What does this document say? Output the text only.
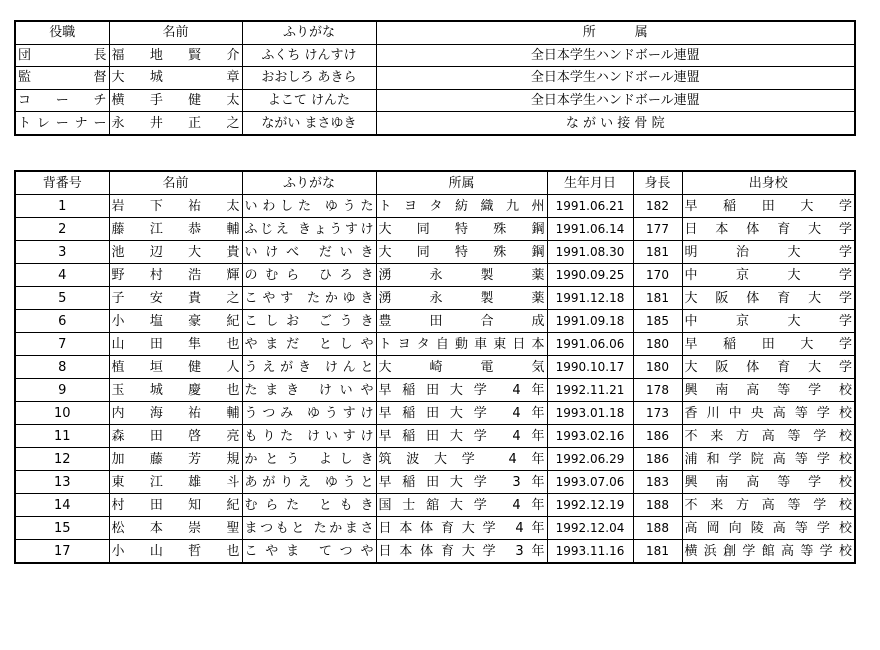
役職	名前	ふりがな	所　　　属
団　　長	福地賢介	ふくち けんすけ	全日本学生ハンドボール連盟
監　　督	大城　章	おおしろ あきら	全日本学生ハンドボール連盟
コーチ	横手健太	よこて けんた	全日本学生ハンドボール連盟
トレーナー	永井正之	ながい まさゆき	な が い 接 骨 院
背番号	名前	ふりがな	所属	生年月日	身長	出身校
1	岩下祐太	いわした ゆうた	トヨタ紡織九州	1991.06.21	182	早稲田大学
2	藤江恭輔	ふじえ きょうすけ	大同特殊鋼	1991.06.14	177	日本体育大学
3	池辺大貴	いけべ だいき	大同特殊鋼	1991.08.30	181	明治大学
4	野村浩輝	のむら ひろき	湧永製薬	1990.09.25	170	中京大学
5	子安貴之	こやす たかゆき	湧永製薬	1991.12.18	181	大阪体育大学
6	小塩豪紀	こしお ごうき	豊田合成	1991.09.18	185	中京大学
7	山田隼也	やまだ としや	トヨタ自動車東日本	1991.06.06	180	早稲田大学
8	植垣健人	うえがき けんと	大崎電気	1990.10.17	180	大阪体育大学
9	玉城慶也	たまき けいや	早稲田大学 4年	1992.11.21	178	興南高等学校
10	内海祐輔	うつみ ゆうすけ	早稲田大学 4年	1993.01.18	173	香川中央高等学校
11	森田啓亮	もりた けいすけ	早稲田大学 4年	1993.02.16	186	不来方高等学校
12	加藤芳規	かとう よしき	筑波大学 4年	1992.06.29	186	浦和学院高等学校
13	東江雄斗	あがりえ ゆうと	早稲田大学 3年	1993.07.06	183	興南高等学校
14	村田知紀	むらた ともき	国士舘大学 4年	1992.12.19	188	不来方高等学校
15	松本崇聖	まつもと たかまさ	日本体育大学 4年	1992.12.04	188	高岡向陵高等学校
17	小山哲也	こやま てつや	日本体育大学 3年	1993.11.16	181	横浜創学館高等学校
